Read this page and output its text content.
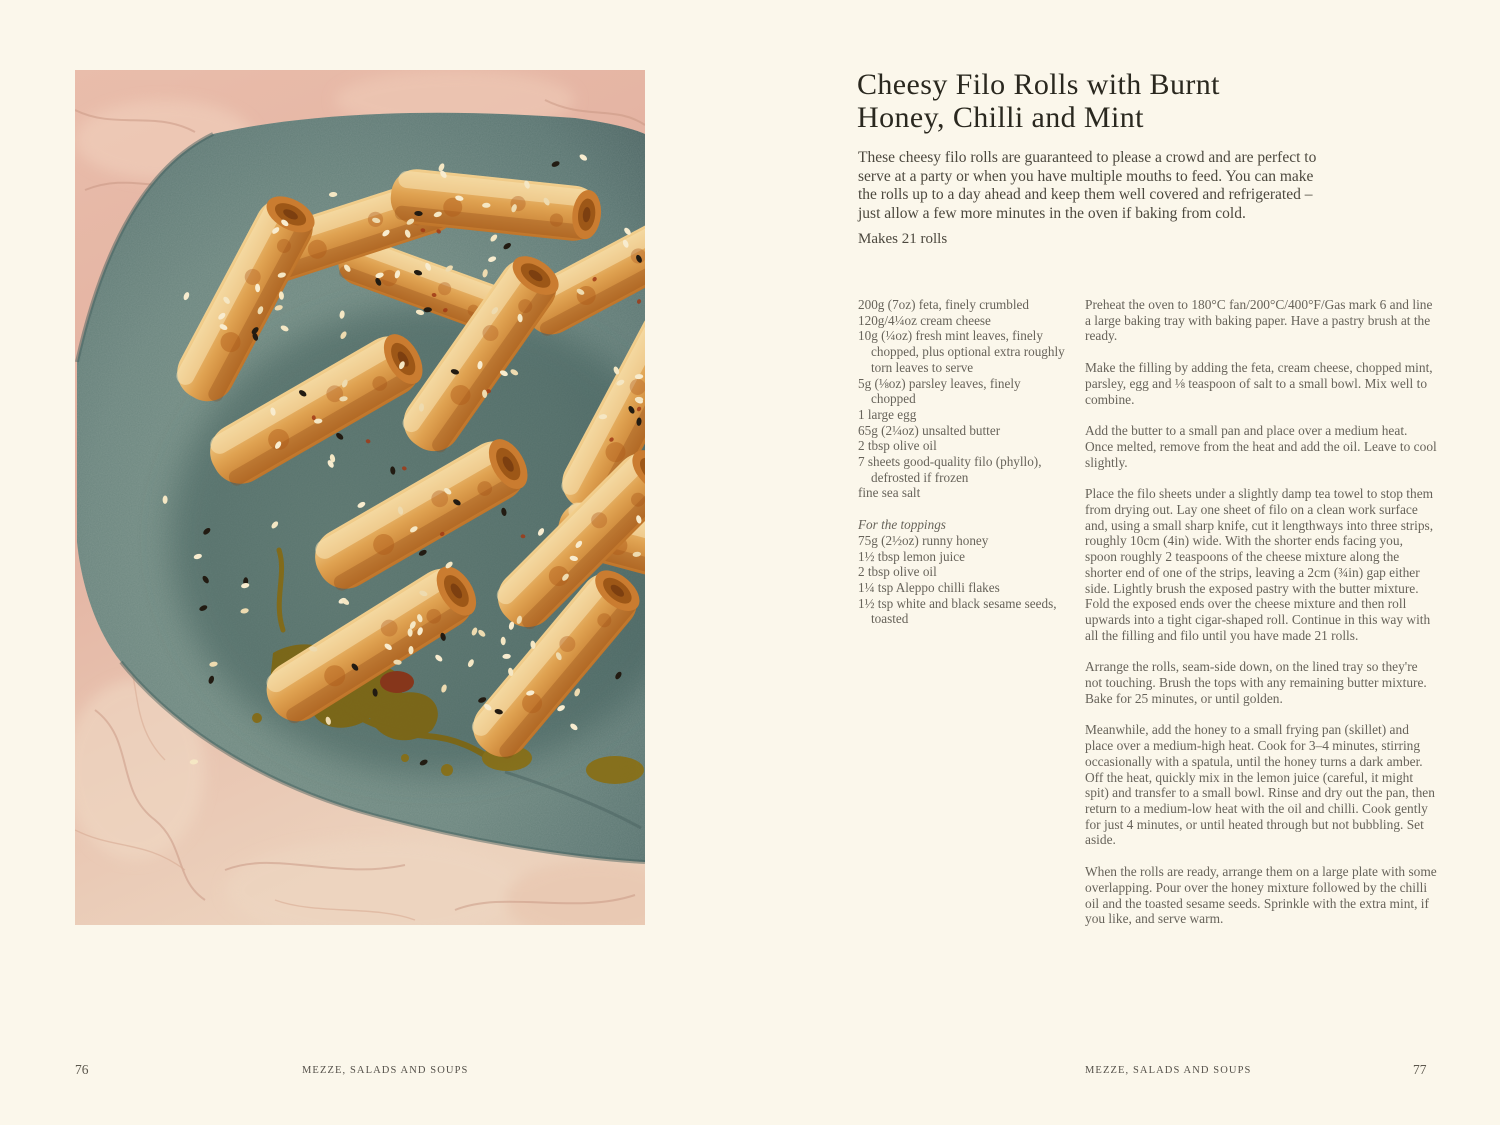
76	MEZZE, SALADS AND SOUPS
Cheesy Filo Rolls with Burnt
Honey, Chilli and Mint

These cheesy filo rolls are guaranteed to please a crowd and are perfect to serve at a party or when you have multiple mouths to feed. You can make the rolls up to a day ahead and keep them well covered and refrigerated – just allow a few more minutes in the oven if baking from cold.

Makes 21 rolls

200g (7oz) feta, finely crumbled
120g/4¼oz cream cheese
10g (¼oz) fresh mint leaves, finely chopped, plus optional extra roughly torn leaves to serve
5g (⅛oz) parsley leaves, finely chopped
1 large egg
65g (2¼oz) unsalted butter
2 tbsp olive oil
7 sheets good-quality filo (phyllo), defrosted if frozen
fine sea salt
For the toppings
75g (2½oz) runny honey
1½ tbsp lemon juice
2 tbsp olive oil
1¼ tsp Aleppo chilli flakes
1½ tsp white and black sesame seeds, toasted

Preheat the oven to 180°C fan/200°C/400°F/Gas mark 6 and line a large baking tray with baking paper. Have a pastry brush at the ready.

Make the filling by adding the feta, cream cheese, chopped mint, parsley, egg and ⅛ teaspoon of salt to a small bowl. Mix well to combine.

Add the butter to a small pan and place over a medium heat. Once melted, remove from the heat and add the oil. Leave to cool slightly.

Place the filo sheets under a slightly damp tea towel to stop them from drying out. Lay one sheet of filo on a clean work surface and, using a small sharp knife, cut it lengthways into three strips, roughly 10cm (4in) wide. With the shorter ends facing you, spoon roughly 2 teaspoons of the cheese mixture along the shorter end of one of the strips, leaving a 2cm (¾in) gap either side. Lightly brush the exposed pastry with the butter mixture. Fold the exposed ends over the cheese mixture and then roll upwards into a tight cigar-shaped roll. Continue in this way with all the filling and filo until you have made 21 rolls.

Arrange the rolls, seam-side down, on the lined tray so they're not touching. Brush the tops with any remaining butter mixture. Bake for 25 minutes, or until golden.

Meanwhile, add the honey to a small frying pan (skillet) and place over a medium-high heat. Cook for 3–4 minutes, stirring occasionally with a spatula, until the honey turns a dark amber. Off the heat, quickly mix in the lemon juice (careful, it might spit) and transfer to a small bowl. Rinse and dry out the pan, then return to a medium-low heat with the oil and chilli. Cook gently for just 4 minutes, or until heated through but not bubbling. Set aside.

When the rolls are ready, arrange them on a large plate with some overlapping. Pour over the honey mixture followed by the chilli oil and the toasted sesame seeds. Sprinkle with the extra mint, if you like, and serve warm.

MEZZE, SALADS AND SOUPS	77
